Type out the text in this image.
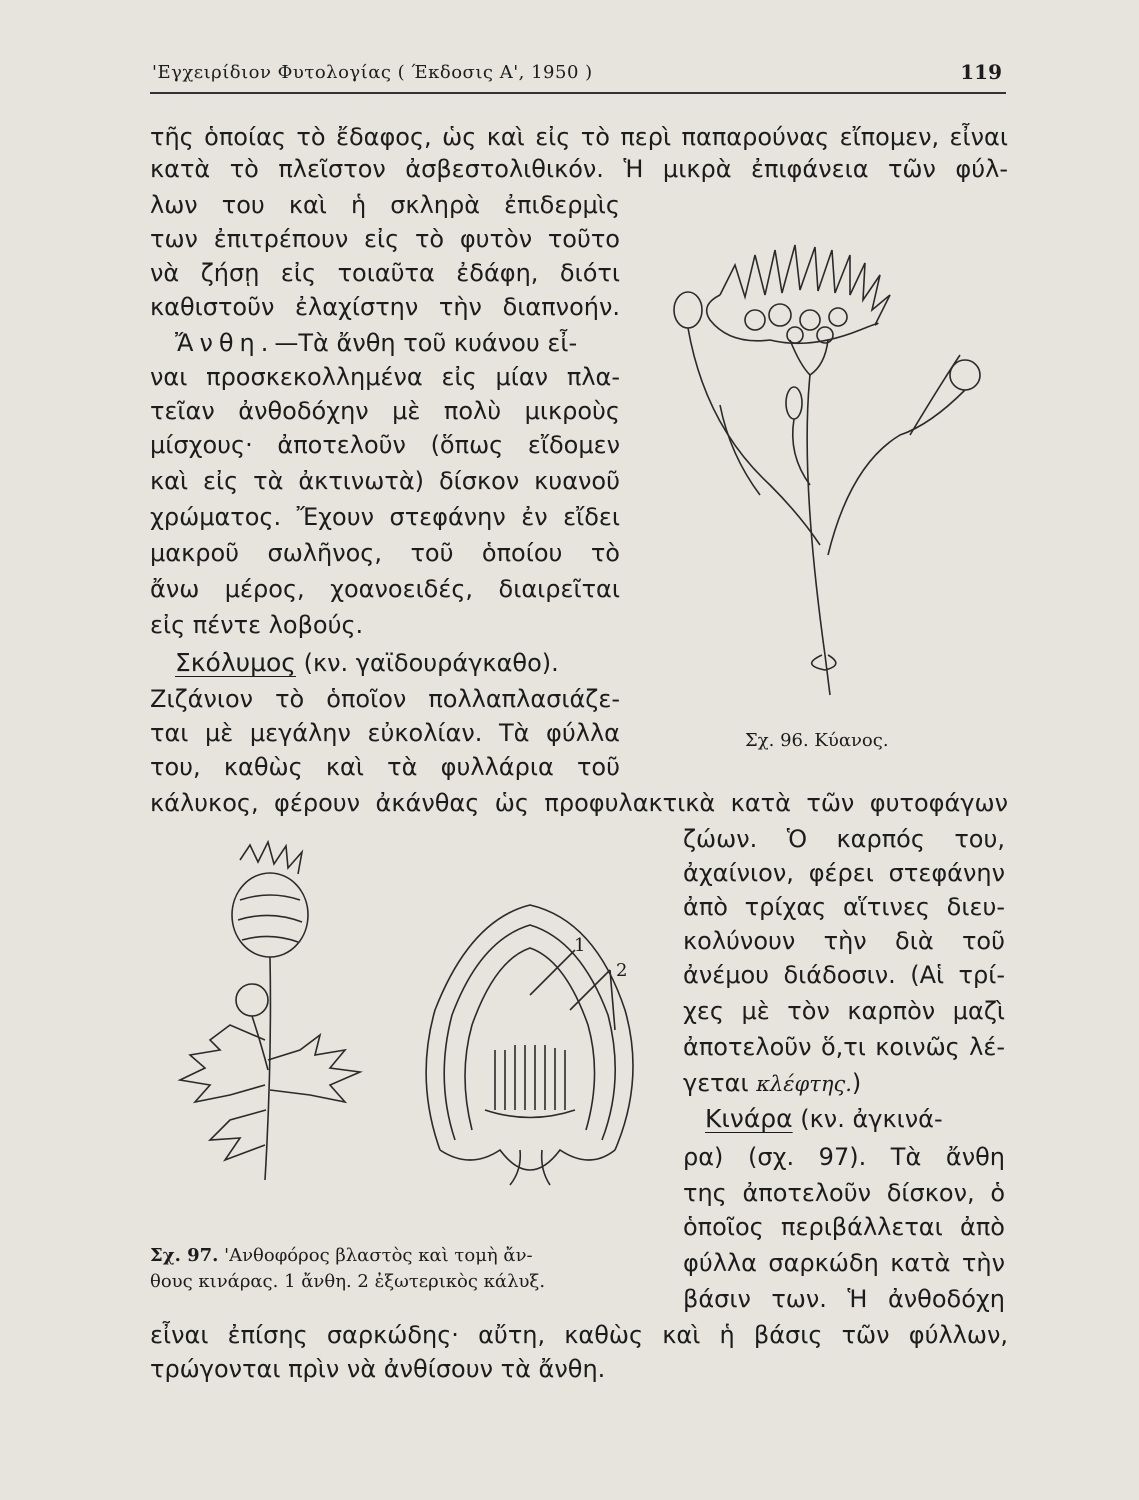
'Εγχειρίδιον Φυτολογίας ( Έκδοσις Α', 1950 )	119
τῆς ὁποίας τὸ ἔδαφος, ὡς καὶ εἰς τὸ περὶ παπαρούνας εἴπομεν, εἶναι
κατὰ τὸ πλεῖστον ἀσβεστολιθικόν. Ἡ μικρὰ ἐπιφάνεια τῶν φύλ-
λων του καὶ ἡ σκληρὰ ἐπιδερμὶς
των ἐπιτρέπουν εἰς τὸ φυτὸν τοῦτο
νὰ ζήσῃ εἰς τοιαῦτα ἐδάφη, διότι
καθιστοῦν ἐλαχίστην τὴν διαπνοήν.
Ἄνθη.—Τὰ ἄνθη τοῦ κυάνου εἶ-
ναι προσκεκολλημένα εἰς μίαν πλα-
τεῖαν ἀνθοδόχην μὲ πολὺ μικροὺς
μίσχους· ἀποτελοῦν (ὅπως εἴδομεν
καὶ εἰς τὰ ἀκτινωτὰ) δίσκον κυανοῦ
χρώματος. Ἔχουν στεφάνην ἐν εἴδει
μακροῦ σωλῆνος, τοῦ ὁποίου τὸ
ἄνω μέρος, χοανοειδές, διαιρεῖται
εἰς πέντε λοβούς.
Σκόλυμος (κν. γαϊδουράγκαθο).
Ζιζάνιον τὸ ὁποῖον πολλαπλασιάζε-
ται μὲ μεγάλην εὐκολίαν. Τὰ φύλλα
του, καθὼς καὶ τὰ φυλλάρια τοῦ
κάλυκος, φέρουν ἀκάνθας ὡς προφυλακτικὰ κατὰ τῶν φυτοφάγων
ζώων. Ὁ καρπός του,
ἀχαίνιον, φέρει στεφάνην
ἀπὸ τρίχας αἵτινες διευ-
κολύνουν τὴν διὰ τοῦ
ἀνέμου διάδοσιν. (Αἱ τρί-
χες μὲ τὸν καρπὸν μαζὶ
ἀποτελοῦν ὅ,τι κοινῶς λέ-
γεται κλέφτης.)
Κινάρα (κν. ἀγκινά-
ρα) (σχ. 97). Τὰ ἄνθη
της ἀποτελοῦν δίσκον, ὁ
ὁποῖος περιβάλλεται ἀπὸ
φύλλα σαρκώδη κατὰ τὴν
βάσιν των. Ἡ ἀνθοδόχη
εἶναι ἐπίσης σαρκώδης· αὔτη, καθὼς καὶ ἡ βάσις τῶν φύλλων,
τρώγονται πρὶν νὰ ἀνθίσουν τὰ ἄνθη.
Σχ. 96. Κύανος.
1
2
Σχ. 97. 'Ανθοφόρος βλαστὸς καὶ τομὴ ἄν-
θους κινάρας. 1 ἄνθη. 2 ἐξωτερικὸς κάλυξ.
